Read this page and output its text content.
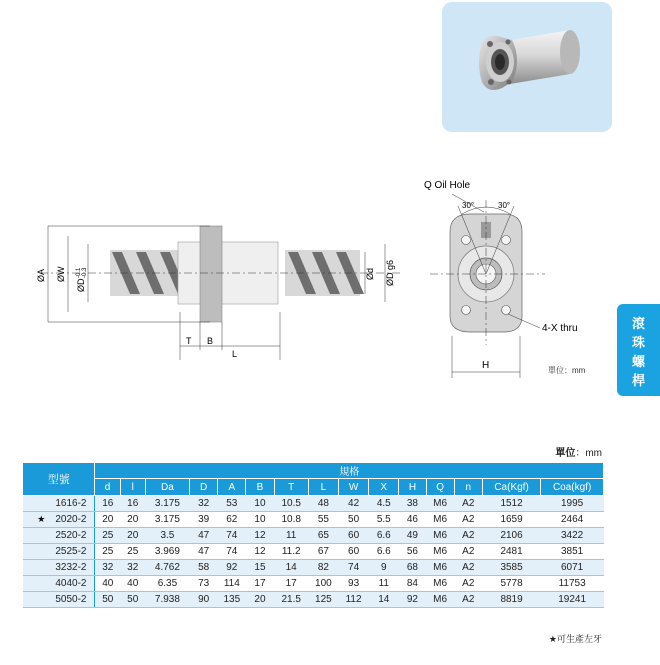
ØA ØW
ØD
-0.1 -0.3	Ød ØD g6
T B
L
Q Oil Hole
30°	30°
4-X thru
H	單位：mm
滾
珠
螺
桿
單位：mm
型號	規格														
	d	l	Da	D	A	B	T	L	W	X	H	Q	n	Ca(Kgf)	Coa(kgf)
1616-2	16	16	3.175	32	53	10	10.5	48	42	4.5	38	M6	A2	1512	1995
★ 2020-2	20	20	3.175	39	62	10	10.8	55	50	5.5	46	M6	A2	1659	2464
2520-2	25	20	3.5	47	74	12	11	65	60	6.6	49	M6	A2	2106	3422
2525-2	25	25	3.969	47	74	12	11.2	67	60	6.6	56	M6	A2	2481	3851
3232-2	32	32	4.762	58	92	15	14	82	74	9	68	M6	A2	3585	6071
4040-2	40	40	6.35	73	114	17	17	100	93	11	84	M6	A2	5778	11753
5050-2	50	50	7.938	90	135	20	21.5	125	112	14	92	M6	A2	8819	19241
★可生產左牙
